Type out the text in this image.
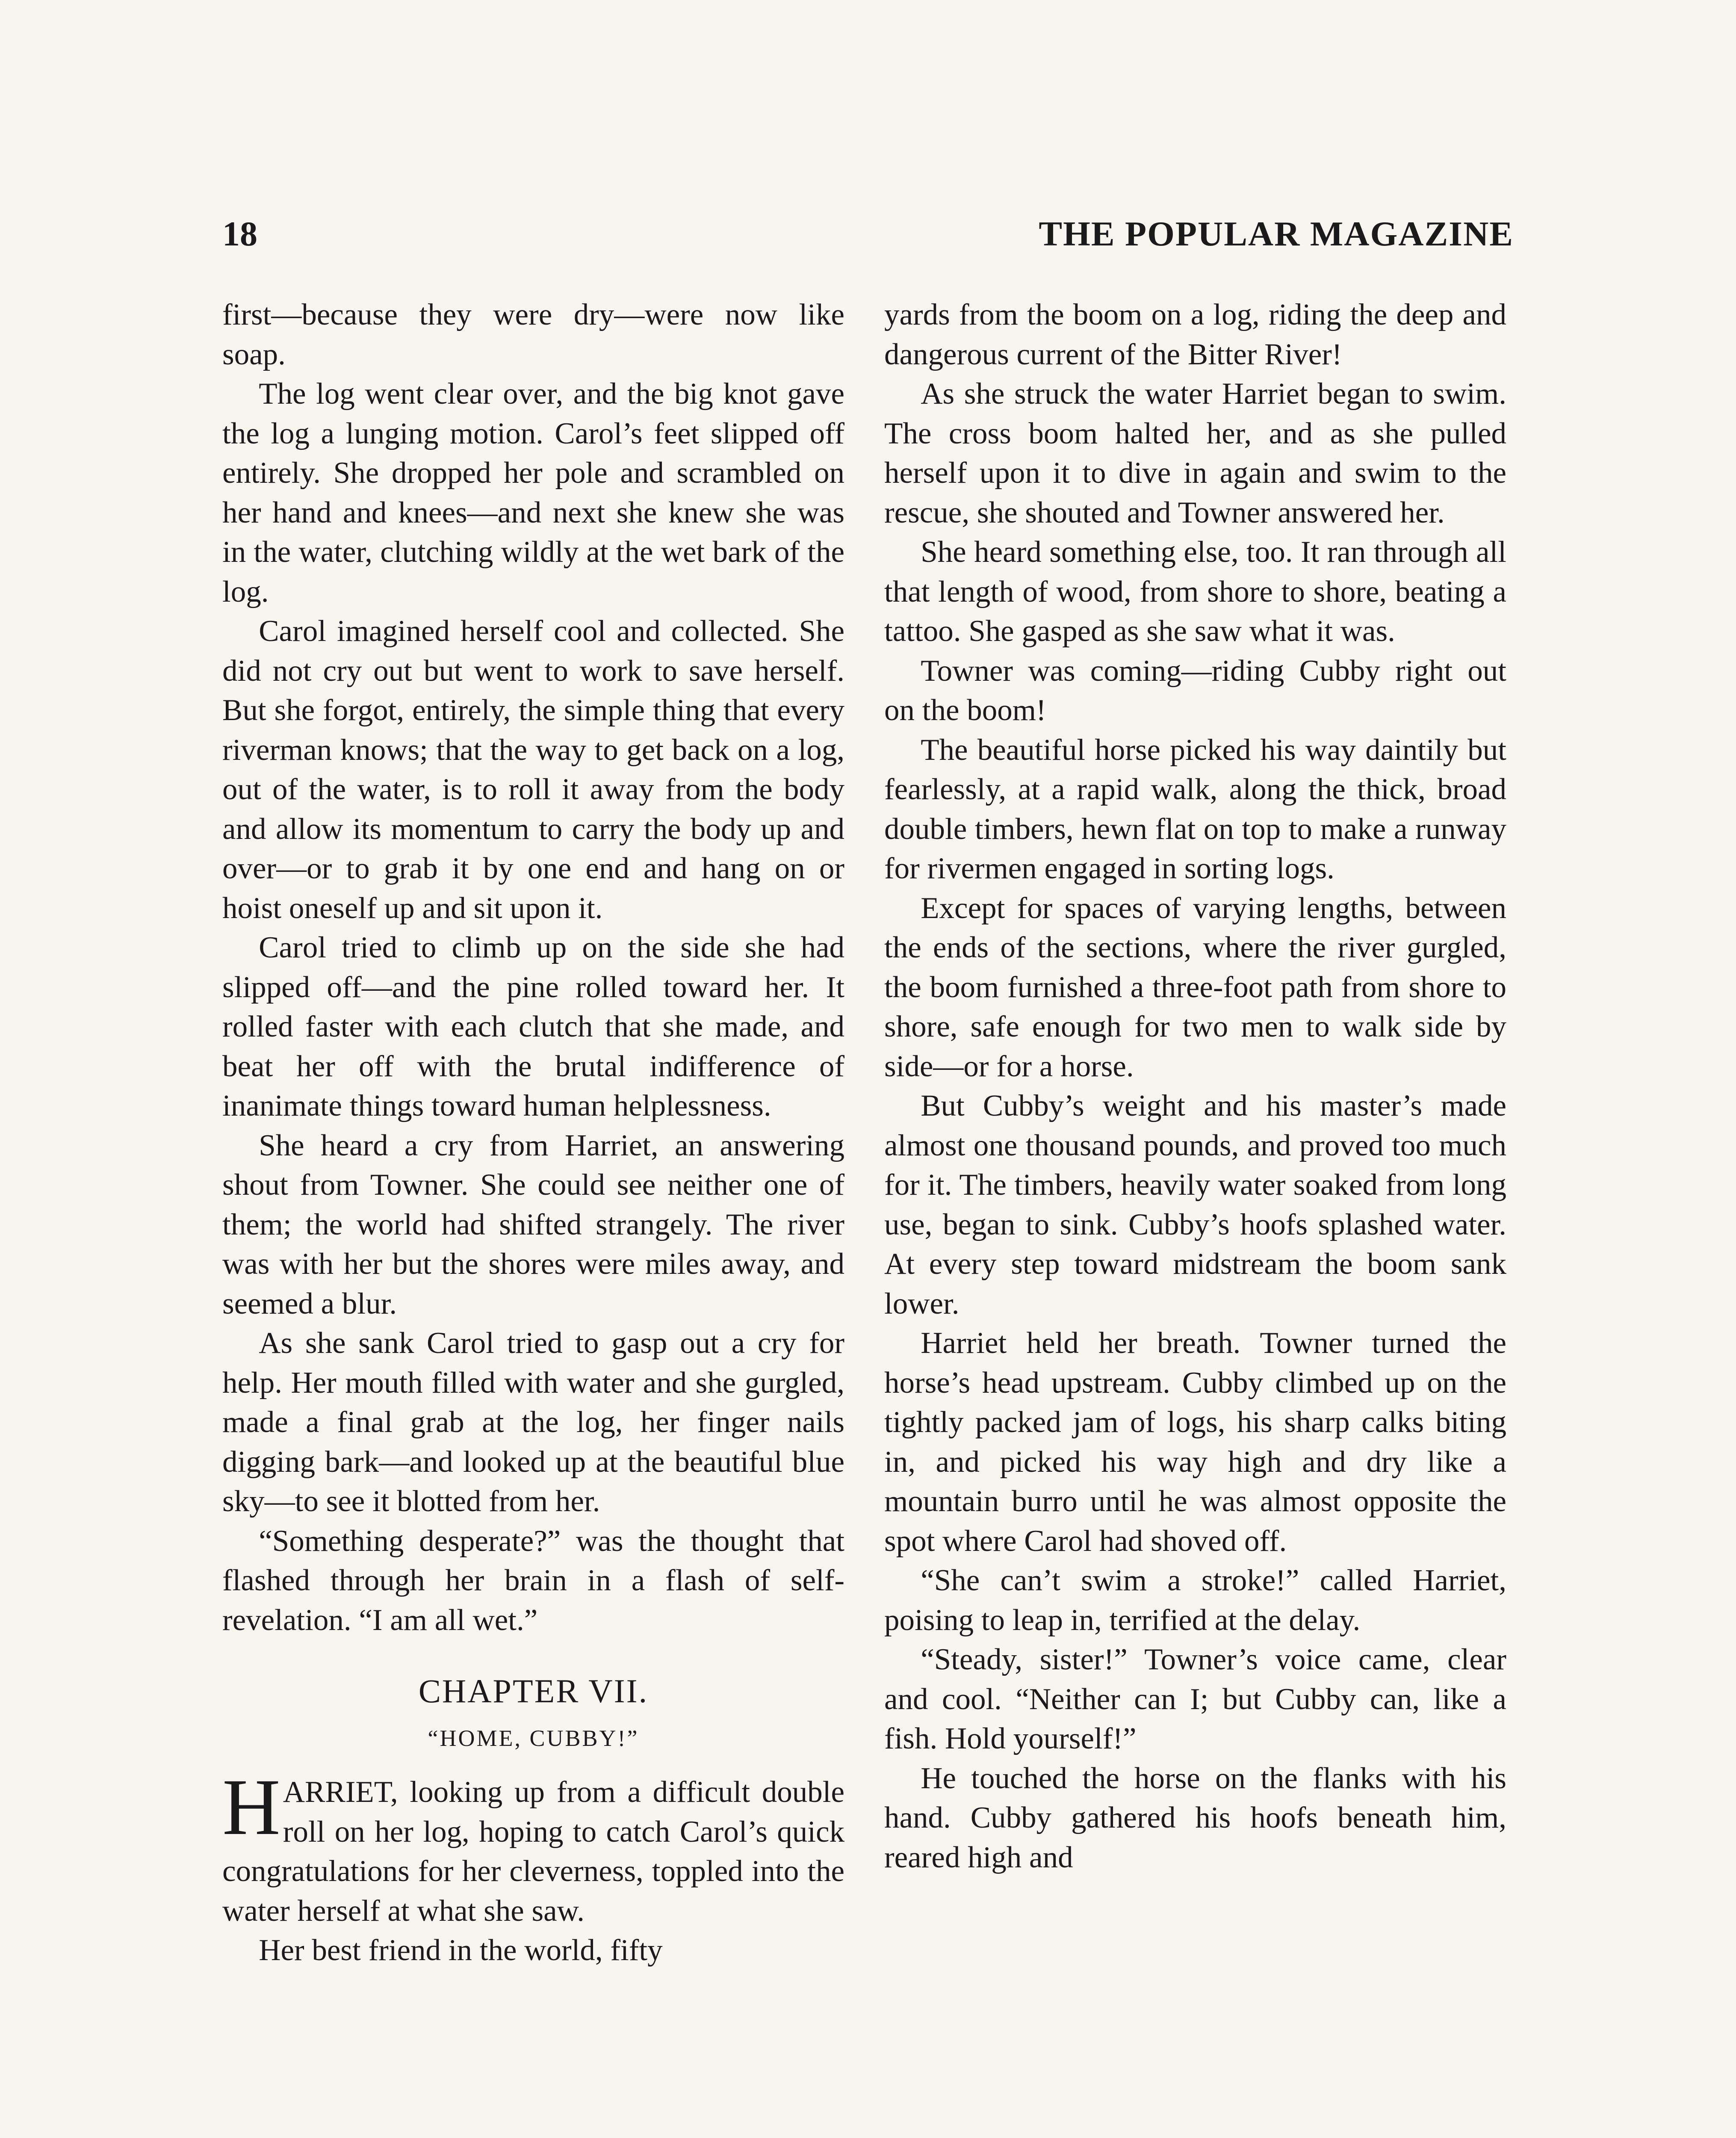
18	THE POPULAR MAGAZINE

first—because they were dry—were now like soap.

The log went clear over, and the big knot gave the log a lunging motion. Carol’s feet slipped off entirely. She dropped her pole and scrambled on her hand and knees—and next she knew she was in the water, clutching wildly at the wet bark of the log.

Carol imagined herself cool and collected. She did not cry out but went to work to save herself. But she forgot, entirely, the simple thing that every riverman knows; that the way to get back on a log, out of the water, is to roll it away from the body and allow its momentum to carry the body up and over—or to grab it by one end and hang on or hoist oneself up and sit upon it.

Carol tried to climb up on the side she had slipped off—and the pine rolled toward her. It rolled faster with each clutch that she made, and beat her off with the brutal indifference of inanimate things toward human helplessness.

She heard a cry from Harriet, an answering shout from Towner. She could see neither one of them; the world had shifted strangely. The river was with her but the shores were miles away, and seemed a blur.

As she sank Carol tried to gasp out a cry for help. Her mouth filled with water and she gurgled, made a final grab at the log, her finger nails digging bark—and looked up at the beautiful blue sky—to see it blotted from her.

“Something desperate?” was the thought that flashed through her brain in a flash of self-revelation. “I am all wet.”

CHAPTER VII.
“HOME, CUBBY!”

HARRIET, looking up from a difficult double roll on her log, hoping to catch Carol’s quick congratulations for her cleverness, toppled into the water herself at what she saw.

Her best friend in the world, fifty

yards from the boom on a log, riding the deep and dangerous current of the Bitter River!

As she struck the water Harriet began to swim. The cross boom halted her, and as she pulled herself upon it to dive in again and swim to the rescue, she shouted and Towner answered her.

She heard something else, too. It ran through all that length of wood, from shore to shore, beating a tattoo. She gasped as she saw what it was.

Towner was coming—riding Cubby right out on the boom!

The beautiful horse picked his way daintily but fearlessly, at a rapid walk, along the thick, broad double timbers, hewn flat on top to make a runway for rivermen engaged in sorting logs.

Except for spaces of varying lengths, between the ends of the sections, where the river gurgled, the boom furnished a three-foot path from shore to shore, safe enough for two men to walk side by side—or for a horse.

But Cubby’s weight and his master’s made almost one thousand pounds, and proved too much for it. The timbers, heavily water soaked from long use, began to sink. Cubby’s hoofs splashed water. At every step toward midstream the boom sank lower.

Harriet held her breath. Towner turned the horse’s head upstream. Cubby climbed up on the tightly packed jam of logs, his sharp calks biting in, and picked his way high and dry like a mountain burro until he was almost opposite the spot where Carol had shoved off.

“She can’t swim a stroke!” called Harriet, poising to leap in, terrified at the delay.

“Steady, sister!” Towner’s voice came, clear and cool. “Neither can I; but Cubby can, like a fish. Hold yourself!”

He touched the horse on the flanks with his hand. Cubby gathered his hoofs beneath him, reared high and
